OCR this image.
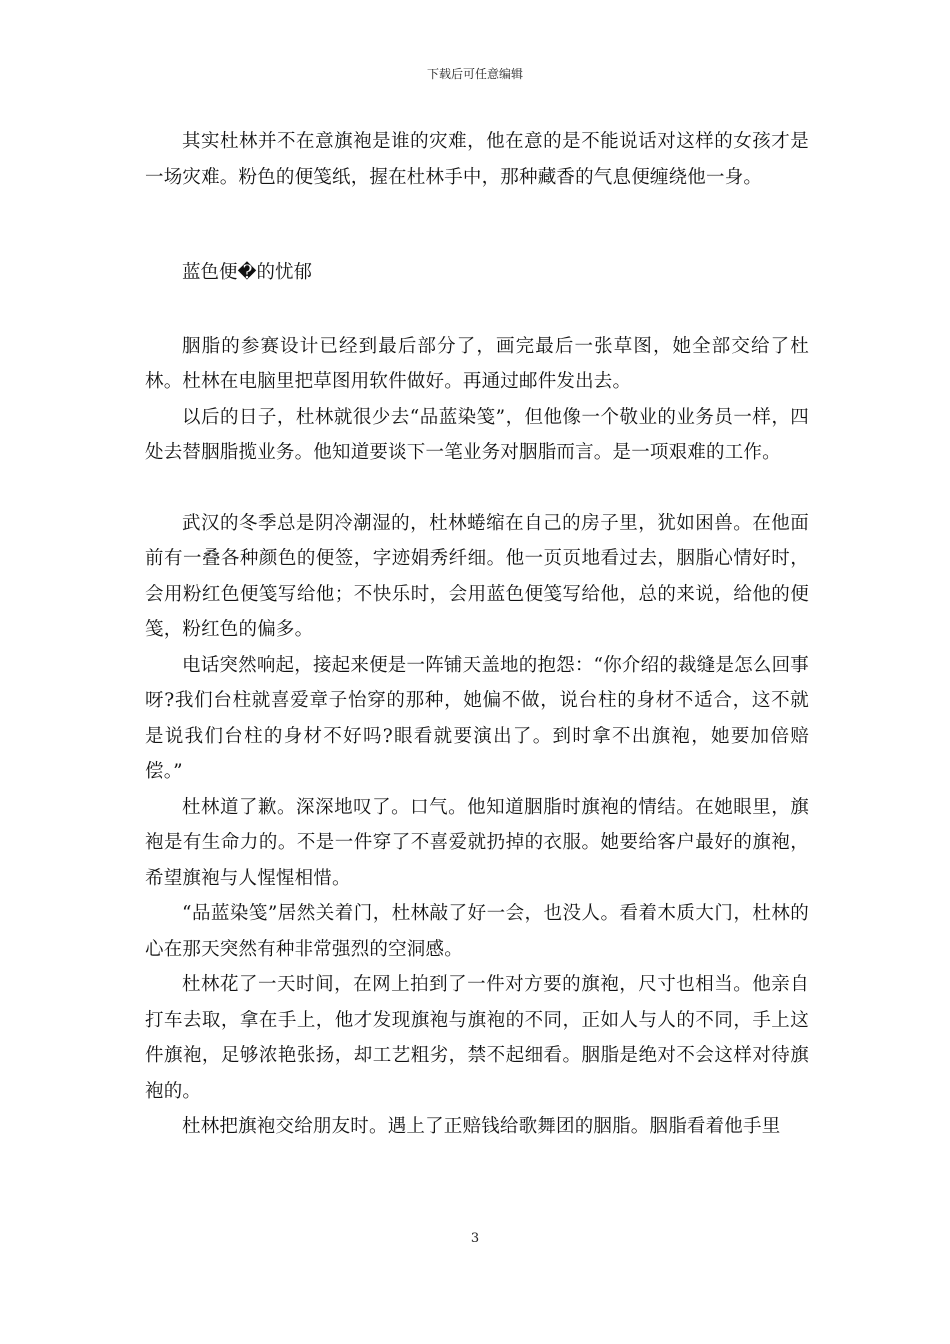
下载后可任意编辑

其实杜林并不在意旗袍是谁的灾难，他在意的是不能说话对这样的女孩才是一场灾难。粉色的便笺纸，握在杜林手中，那种藏香的气息便缠绕他一身。

蓝色便�的忧郁

胭脂的参赛设计已经到最后部分了，画完最后一张草图，她全部交给了杜林。杜林在电脑里把草图用软件做好。再通过邮件发出去。

以后的日子，杜林就很少去“品蓝染笺”，但他像一个敬业的业务员一样，四处去替胭脂揽业务。他知道要谈下一笔业务对胭脂而言。是一项艰难的工作。

武汉的冬季总是阴冷潮湿的，杜林蜷缩在自己的房子里，犹如困兽。在他面前有一叠各种颜色的便签，字迹娟秀纤细。他一页页地看过去，胭脂心情好时，会用粉红色便笺写给他；不快乐时，会用蓝色便笺写给他，总的来说，给他的便笺，粉红色的偏多。

电话突然响起，接起来便是一阵铺天盖地的抱怨：“你介绍的裁缝是怎么回事呀?我们台柱就喜爱章子怡穿的那种，她偏不做，说台柱的身材不适合，这不就是说我们台柱的身材不好吗?眼看就要演出了。到时拿不出旗袍，她要加倍赔偿。”

杜林道了歉。深深地叹了。口气。他知道胭脂时旗袍的情结。在她眼里，旗袍是有生命力的。不是一件穿了不喜爱就扔掉的衣服。她要给客户最好的旗袍，希望旗袍与人惺惺相惜。

“品蓝染笺”居然关着门，杜林敲了好一会，也没人。看着木质大门，杜林的心在那天突然有种非常强烈的空洞感。

杜林花了一天时间，在网上拍到了一件对方要的旗袍，尺寸也相当。他亲自打车去取，拿在手上，他才发现旗袍与旗袍的不同，正如人与人的不同，手上这件旗袍，足够浓艳张扬，却工艺粗劣，禁不起细看。胭脂是绝对不会这样对待旗袍的。

杜林把旗袍交给朋友时。遇上了正赔钱给歌舞团的胭脂。胭脂看着他手里

3
